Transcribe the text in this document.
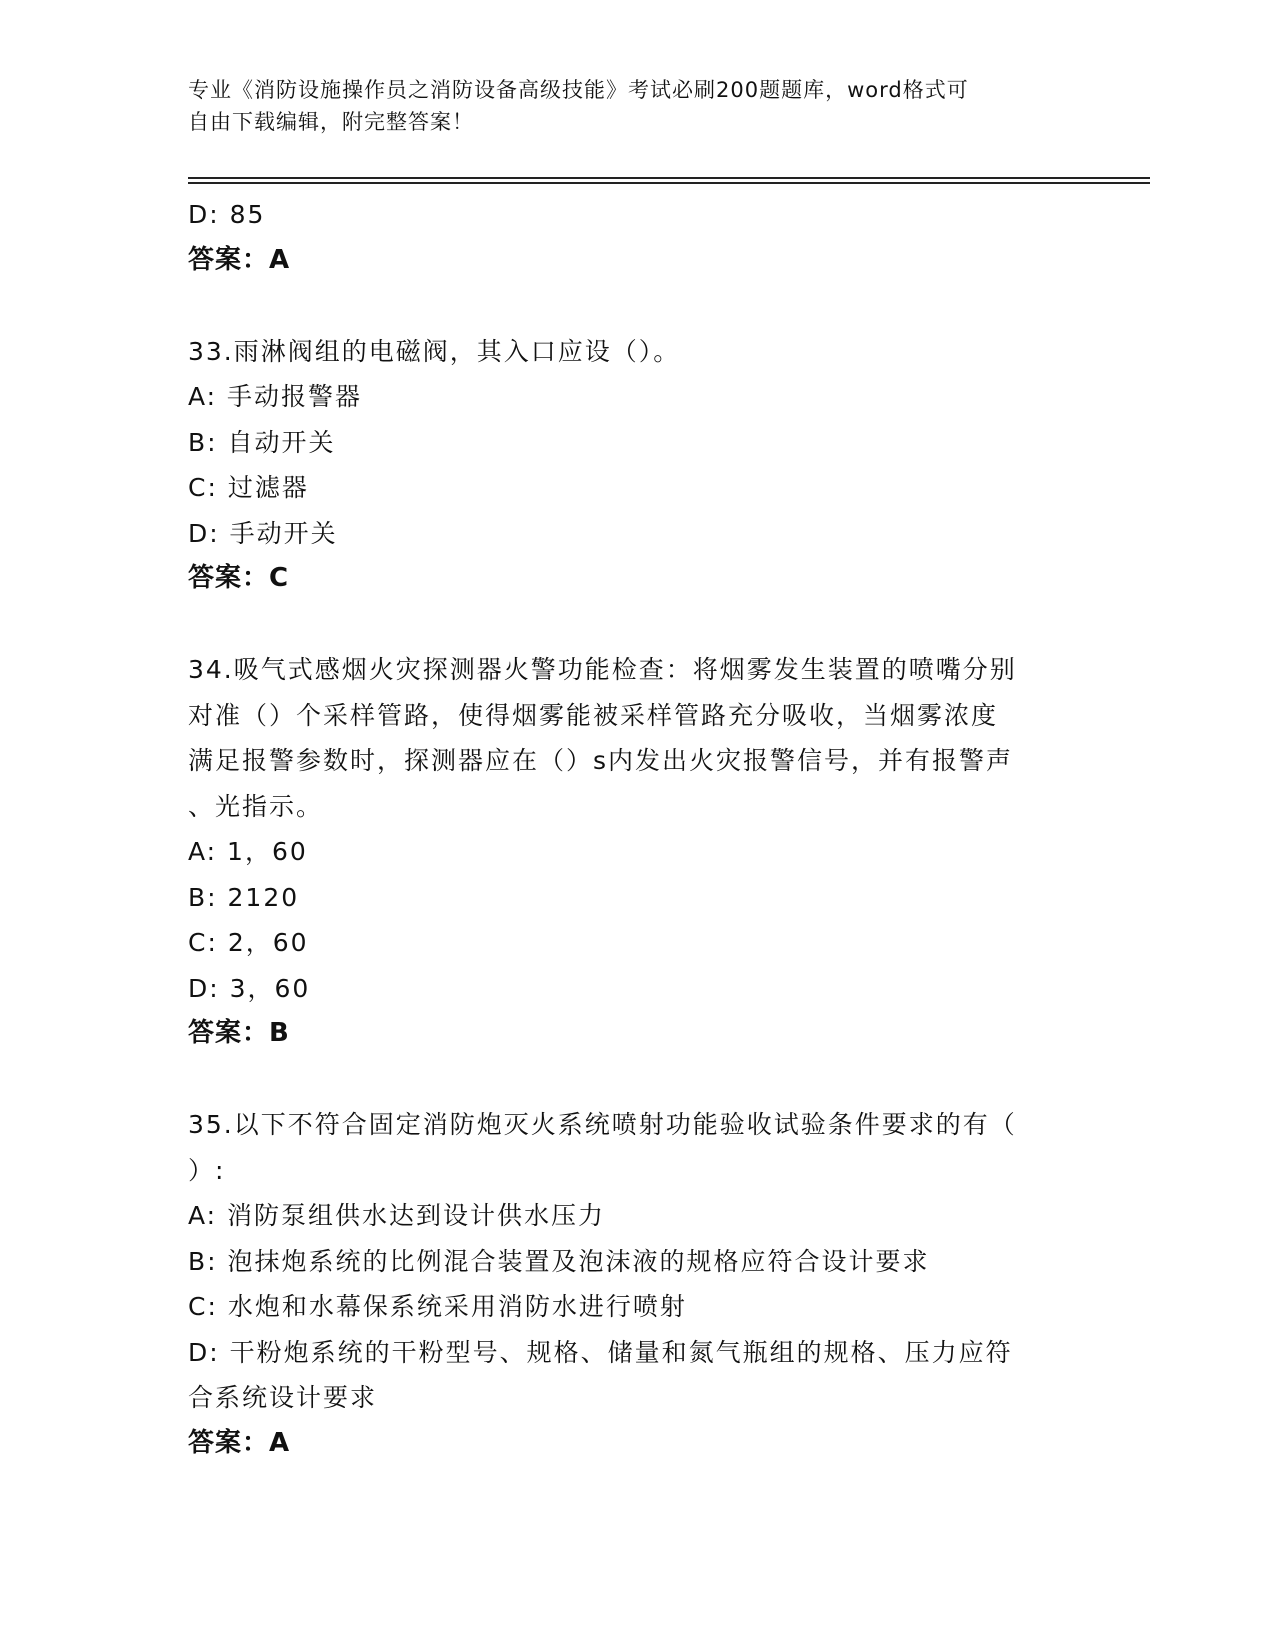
专业《消防设施操作员之消防设备高级技能》考试必刷200题题库，word格式可
自由下载编辑，附完整答案！
D: 85
答案：A
33.雨淋阀组的电磁阀，其入口应设（）。
A: 手动报警器
B: 自动开关
C: 过滤器
D: 手动开关
答案：C
34.吸气式感烟火灾探测器火警功能检查：将烟雾发生装置的喷嘴分别
对准（）个采样管路，使得烟雾能被采样管路充分吸收，当烟雾浓度
满足报警参数时，探测器应在（）s内发出火灾报警信号，并有报警声
、光指示。
A: 1，60
B: 2120
C: 2，60
D: 3，60
答案：B
35.以下不符合固定消防炮灭火系统喷射功能验收试验条件要求的有（
）:
A: 消防泵组供水达到设计供水压力
B: 泡抹炮系统的比例混合装置及泡沫液的规格应符合设计要求
C: 水炮和水幕保系统采用消防水进行喷射
D: 干粉炮系统的干粉型号、规格、储量和氮气瓶组的规格、压力应符
合系统设计要求
答案：A
